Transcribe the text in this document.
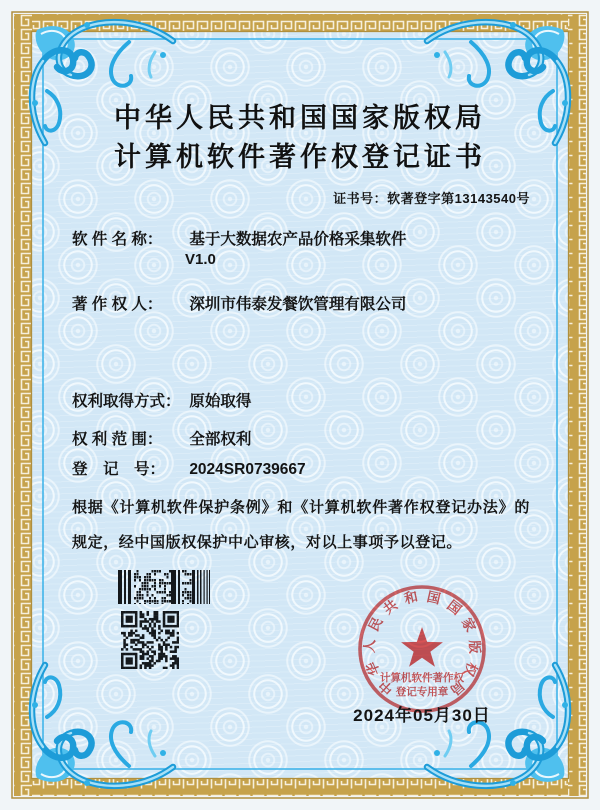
中华人民共和国国家版权局
计算机软件著作权登记证书
证书号：软著登字第13143540号
软 件 名 称： 基于大数据农产品价格采集软件
V1.0
著 作 权 人： 深圳市伟泰发餐饮管理有限公司
权利取得方式： 原始取得
权 利 范 围： 全部权利
登　记　号： 2024SR0739667
根据《计算机软件保护条例》和《计算机软件著作权登记办法》的
规定，经中国版权保护中心审核，对以上事项予以登记。
中华人民共和国国家版权局
计算机软件著作权
登记专用章
2024年05月30日
